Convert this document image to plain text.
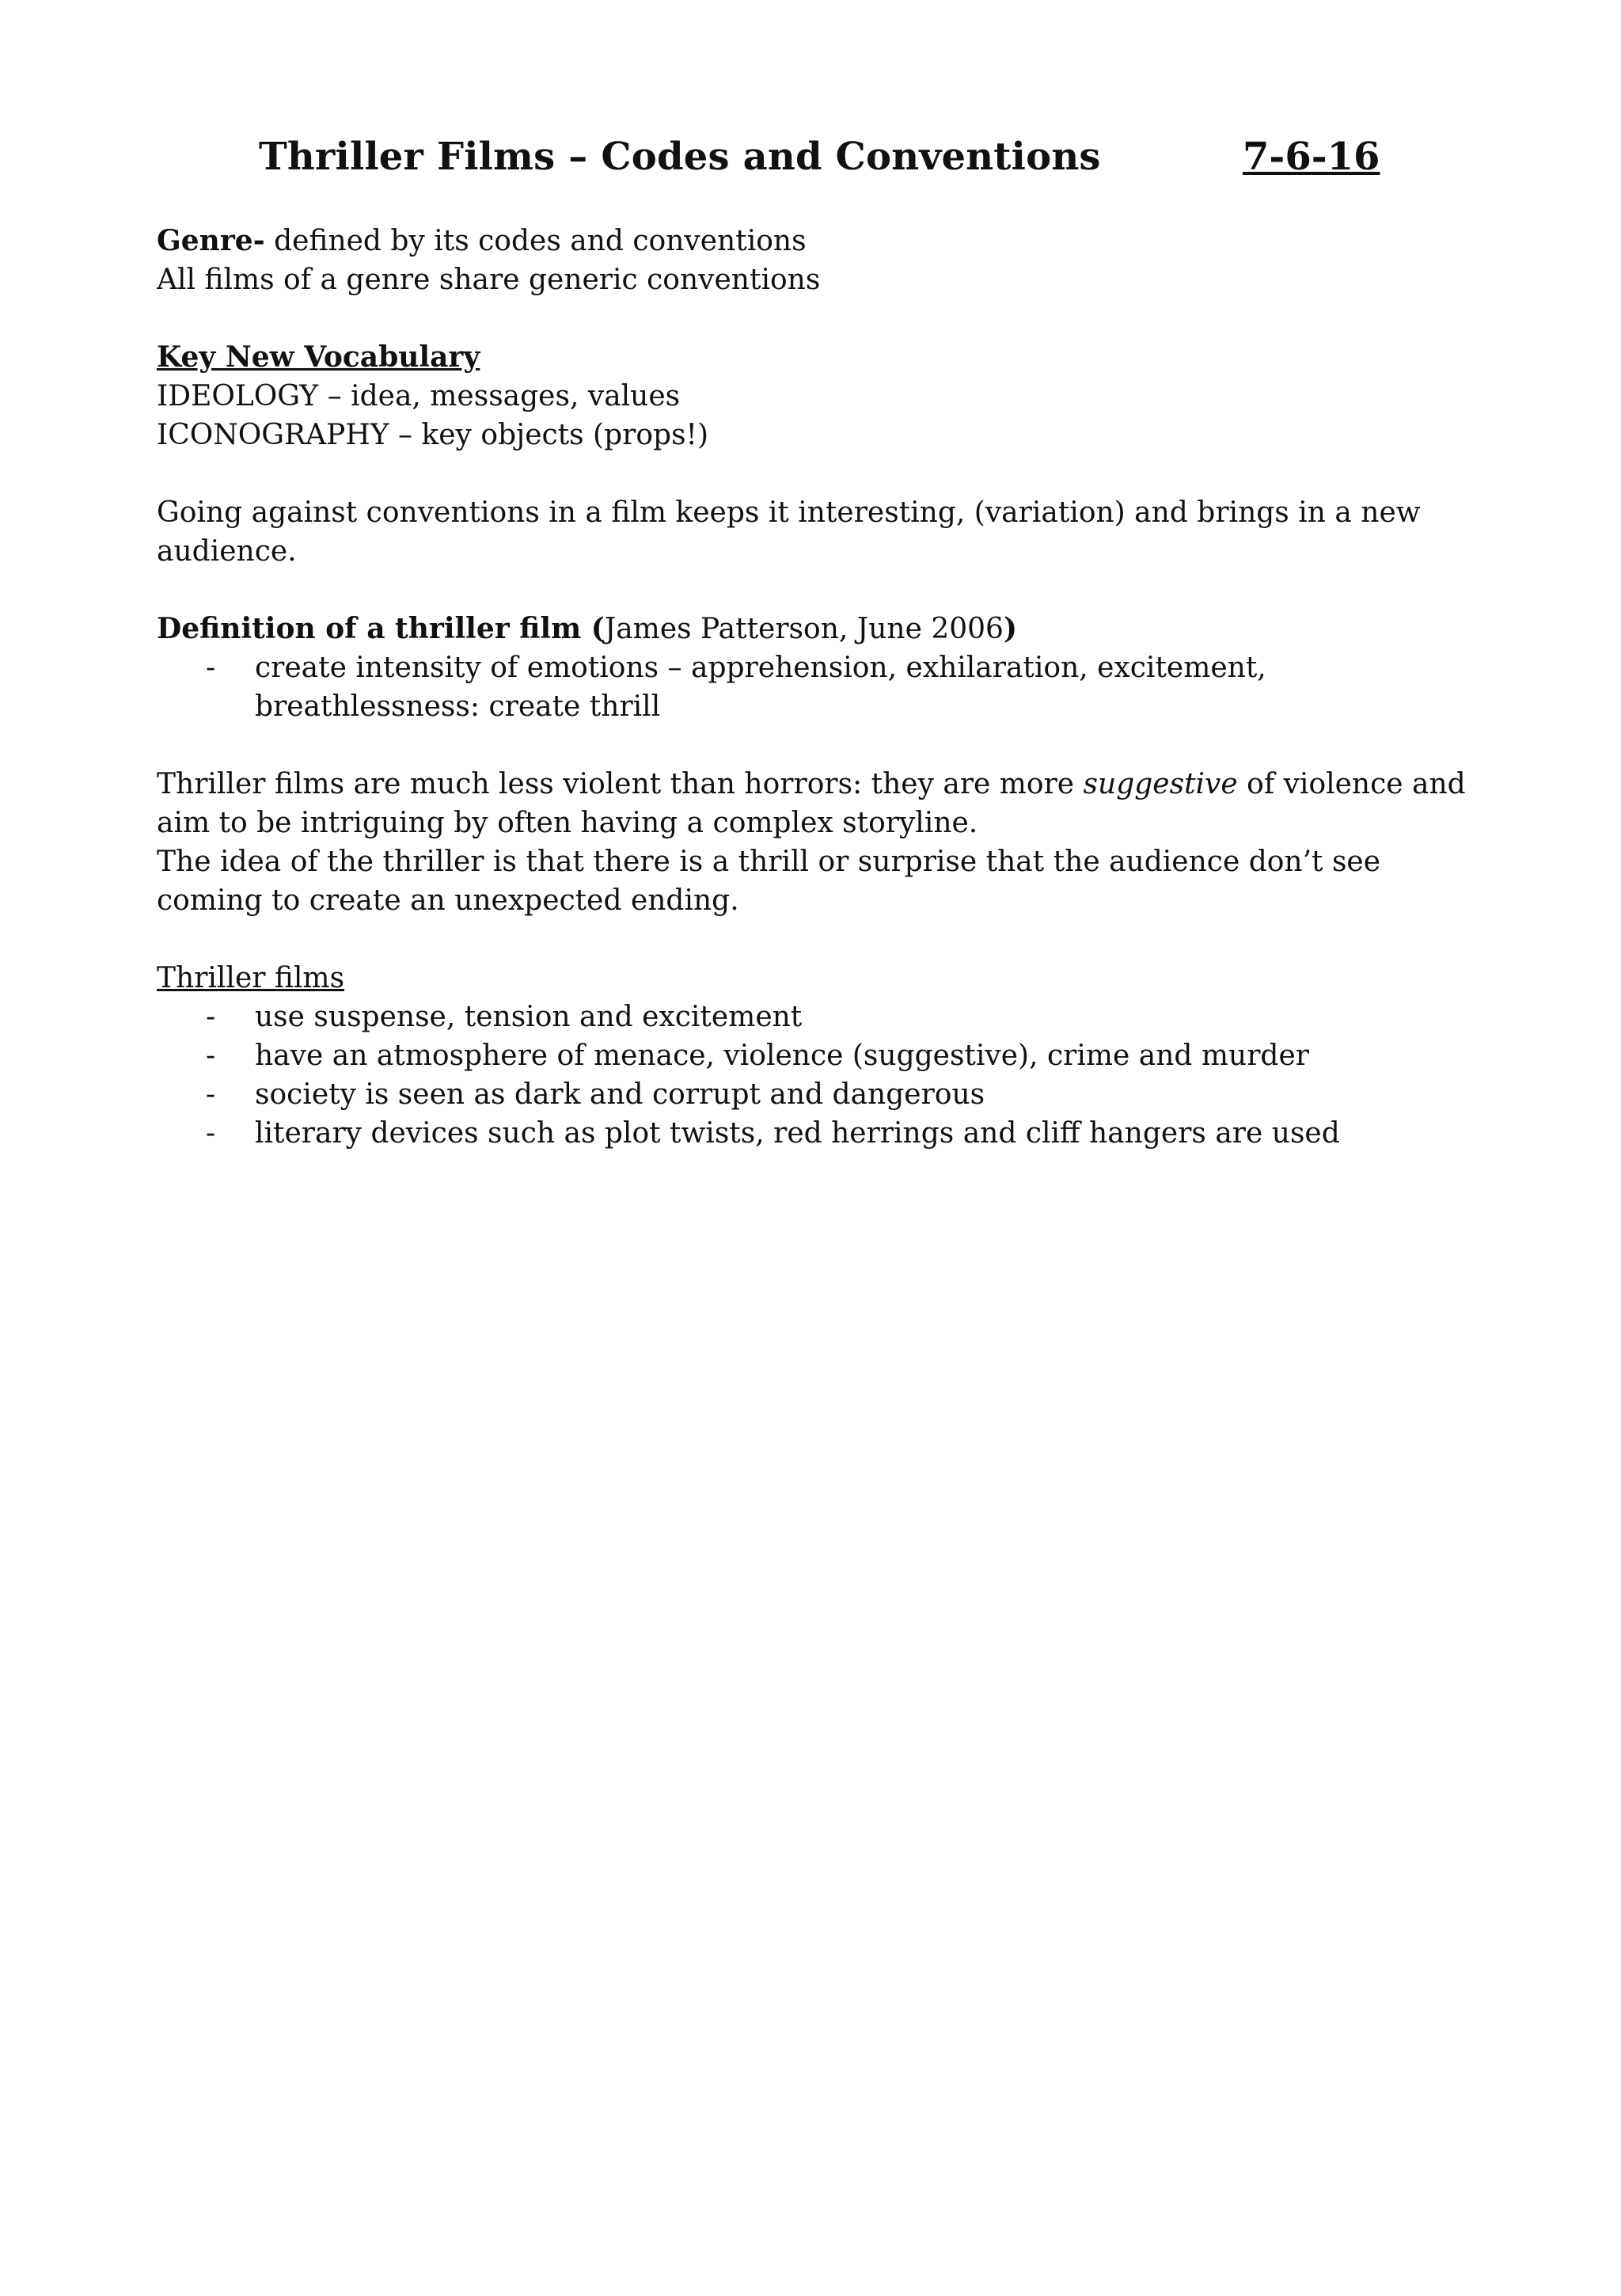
Thriller Films – Codes and Conventions	7-6-16
Genre- defined by its codes and conventions
All films of a genre share generic conventions
Key New Vocabulary
IDEOLOGY – idea, messages, values
ICONOGRAPHY – key objects (props!)
Going against conventions in a film keeps it interesting, (variation) and brings in a new audience.
Definition of a thriller film (James Patterson, June 2006)
- create intensity of emotions – apprehension, exhilaration, excitement, breathlessness: create thrill
Thriller films are much less violent than horrors: they are more suggestive of violence and aim to be intriguing by often having a complex storyline.
The idea of the thriller is that there is a thrill or surprise that the audience don’t see coming to create an unexpected ending.
Thriller films
- use suspense, tension and excitement
- have an atmosphere of menace, violence (suggestive), crime and murder
- society is seen as dark and corrupt and dangerous
- literary devices such as plot twists, red herrings and cliff hangers are used
